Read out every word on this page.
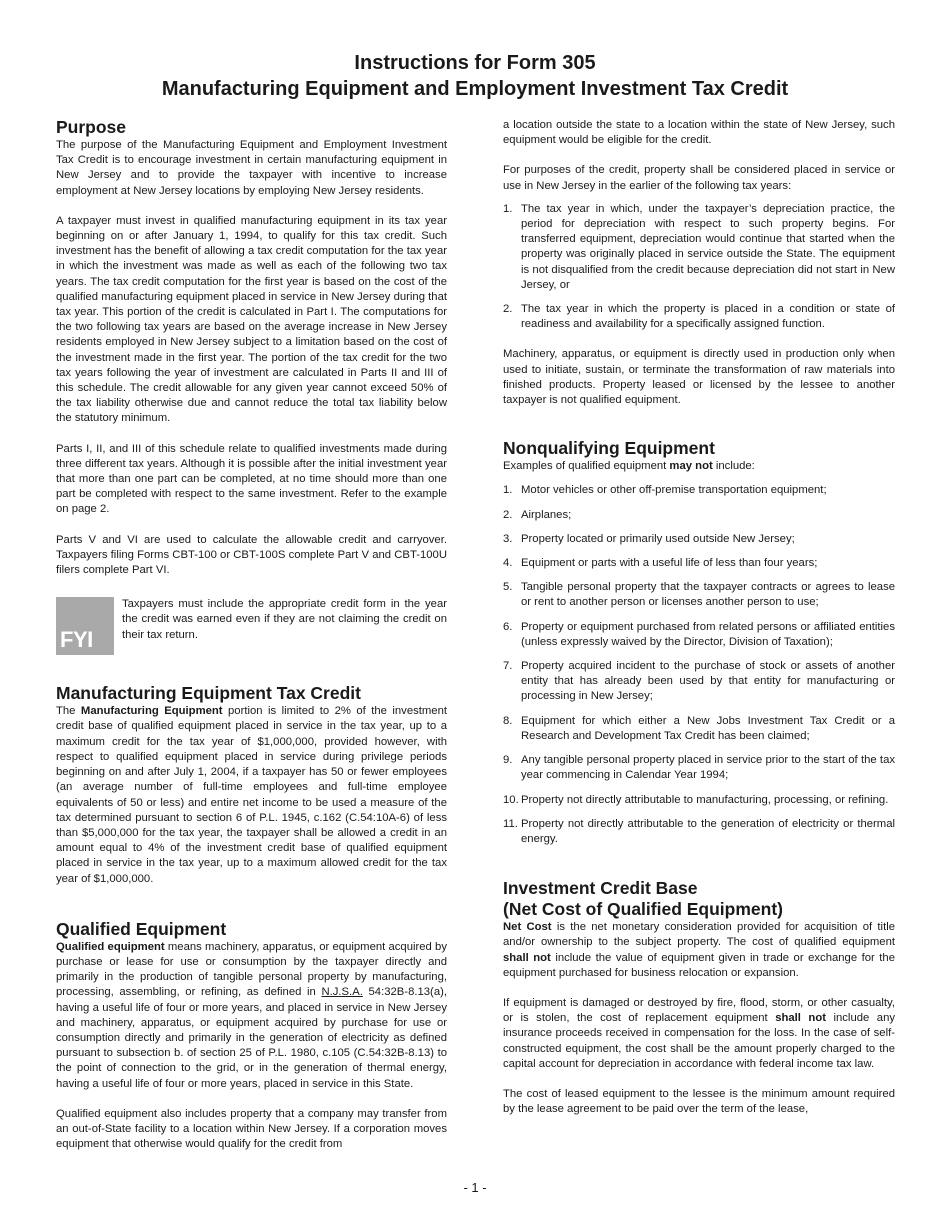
Instructions for Form 305
Manufacturing Equipment and Employment Investment Tax Credit
Purpose

The purpose of the Manufacturing Equipment and Employment Investment Tax Credit is to encourage investment in certain manufacturing equipment in New Jersey and to provide the taxpayer with incentive to increase employment at New Jersey locations by employing New Jersey residents.

A taxpayer must invest in qualified manufacturing equipment in its tax year beginning on or after January 1, 1994, to qualify for this tax credit. Such investment has the benefit of allowing a tax credit computation for the tax year in which the investment was made as well as each of the following two tax years. The tax credit computation for the first year is based on the cost of the qualified manufacturing equipment placed in service in New Jersey during that tax year. This portion of the credit is calculated in Part I. The computations for the two following tax years are based on the average increase in New Jersey residents employed in New Jersey subject to a limitation based on the cost of the investment made in the first year. The portion of the tax credit for the two tax years following the year of investment are calculated in Parts II and III of this schedule. The credit allowable for any given year cannot exceed 50% of the tax liability otherwise due and cannot reduce the total tax liability below the statutory minimum.

Parts I, II, and III of this schedule relate to qualified investments made during three different tax years. Although it is possible after the initial investment year that more than one part can be completed, at no time should more than one part be completed with respect to the same investment. Refer to the example on page 2.

Parts V and VI are used to calculate the allowable credit and carryover. Taxpayers filing Forms CBT-100 or CBT-100S complete Part V and CBT-100U filers complete Part VI.

FYI
Taxpayers must include the appropriate credit form in the year the credit was earned even if they are not claiming the credit on their tax return.
Manufacturing Equipment Tax Credit

The Manufacturing Equipment portion is limited to 2% of the investment credit base of qualified equipment placed in service in the tax year, up to a maximum credit for the tax year of $1,000,000, provided however, with respect to qualified equipment placed in service during privilege periods beginning on and after July 1, 2004, if a taxpayer has 50 or fewer employees (an average number of full-time employees and full-time employee equivalents of 50 or less) and entire net income to be used a measure of the tax determined pursuant to section 6 of P.L. 1945, c.162 (C.54:10A-6) of less than $5,000,000 for the tax year, the taxpayer shall be allowed a credit in an amount equal to 4% of the investment credit base of qualified equipment placed in service in the tax year, up to a maximum allowed credit for the tax year of $1,000,000.

Qualified Equipment

Qualified equipment means machinery, apparatus, or equipment acquired by purchase or lease for use or consumption by the taxpayer directly and primarily in the production of tangible personal property by manufacturing, processing, assembling, or refining, as defined in N.J.S.A. 54:32B-8.13(a), having a useful life of four or more years, and placed in service in New Jersey and machinery, apparatus, or equipment acquired by purchase for use or consumption directly and primarily in the generation of electricity as defined pursuant to subsection b. of section 25 of P.L. 1980, c.105 (C.54:32B-8.13) to the point of connection to the grid, or in the generation of thermal energy, having a useful life of four or more years, placed in service in this State.

Qualified equipment also includes property that a company may transfer from an out-of-State facility to a location within New Jersey. If a corporation moves equipment that otherwise would qualify for the credit from

a location outside the state to a location within the state of New Jersey, such equipment would be eligible for the credit.

For purposes of the credit, property shall be considered placed in service or use in New Jersey in the earlier of the following tax years:

1. The tax year in which, under the taxpayer’s depreciation practice, the period for depreciation with respect to such property begins. For transferred equipment, depreciation would continue that started when the property was originally placed in service outside the State. The equipment is not disqualified from the credit because depreciation did not start in New Jersey, or
2. The tax year in which the property is placed in a condition or state of readiness and availability for a specifically assigned function.

Machinery, apparatus, or equipment is directly used in production only when used to initiate, sustain, or terminate the transformation of raw materials into finished products. Property leased or licensed by the lessee to another taxpayer is not qualified equipment.

Nonqualifying Equipment

Examples of qualified equipment may not include:

1. Motor vehicles or other off-premise transportation equipment;
2. Airplanes;
3. Property located or primarily used outside New Jersey;
4. Equipment or parts with a useful life of less than four years;
5. Tangible personal property that the taxpayer contracts or agrees to lease or rent to another person or licenses another person to use;
6. Property or equipment purchased from related persons or affiliated entities (unless expressly waived by the Director, Division of Taxation);
7. Property acquired incident to the purchase of stock or assets of another entity that has already been used by that entity for manufacturing or processing in New Jersey;
8. Equipment for which either a New Jobs Investment Tax Credit or a Research and Development Tax Credit has been claimed;
9. Any tangible personal property placed in service prior to the start of the tax year commencing in Calendar Year 1994;
10. Property not directly attributable to manufacturing, processing, or refining.
11. Property not directly attributable to the generation of electricity or thermal energy.
Investment Credit Base
(Net Cost of Qualified Equipment)

Net Cost is the net monetary consideration provided for acquisition of title and/or ownership to the subject property. The cost of qualified equipment shall not include the value of equipment given in trade or exchange for the equipment purchased for business relocation or expansion.

If equipment is damaged or destroyed by fire, flood, storm, or other casualty, or is stolen, the cost of replacement equipment shall not include any insurance proceeds received in compensation for the loss. In the case of self-constructed equipment, the cost shall be the amount properly charged to the capital account for depreciation in accordance with federal income tax law.

The cost of leased equipment to the lessee is the minimum amount required by the lease agreement to be paid over the term of the lease,

- 1 -
